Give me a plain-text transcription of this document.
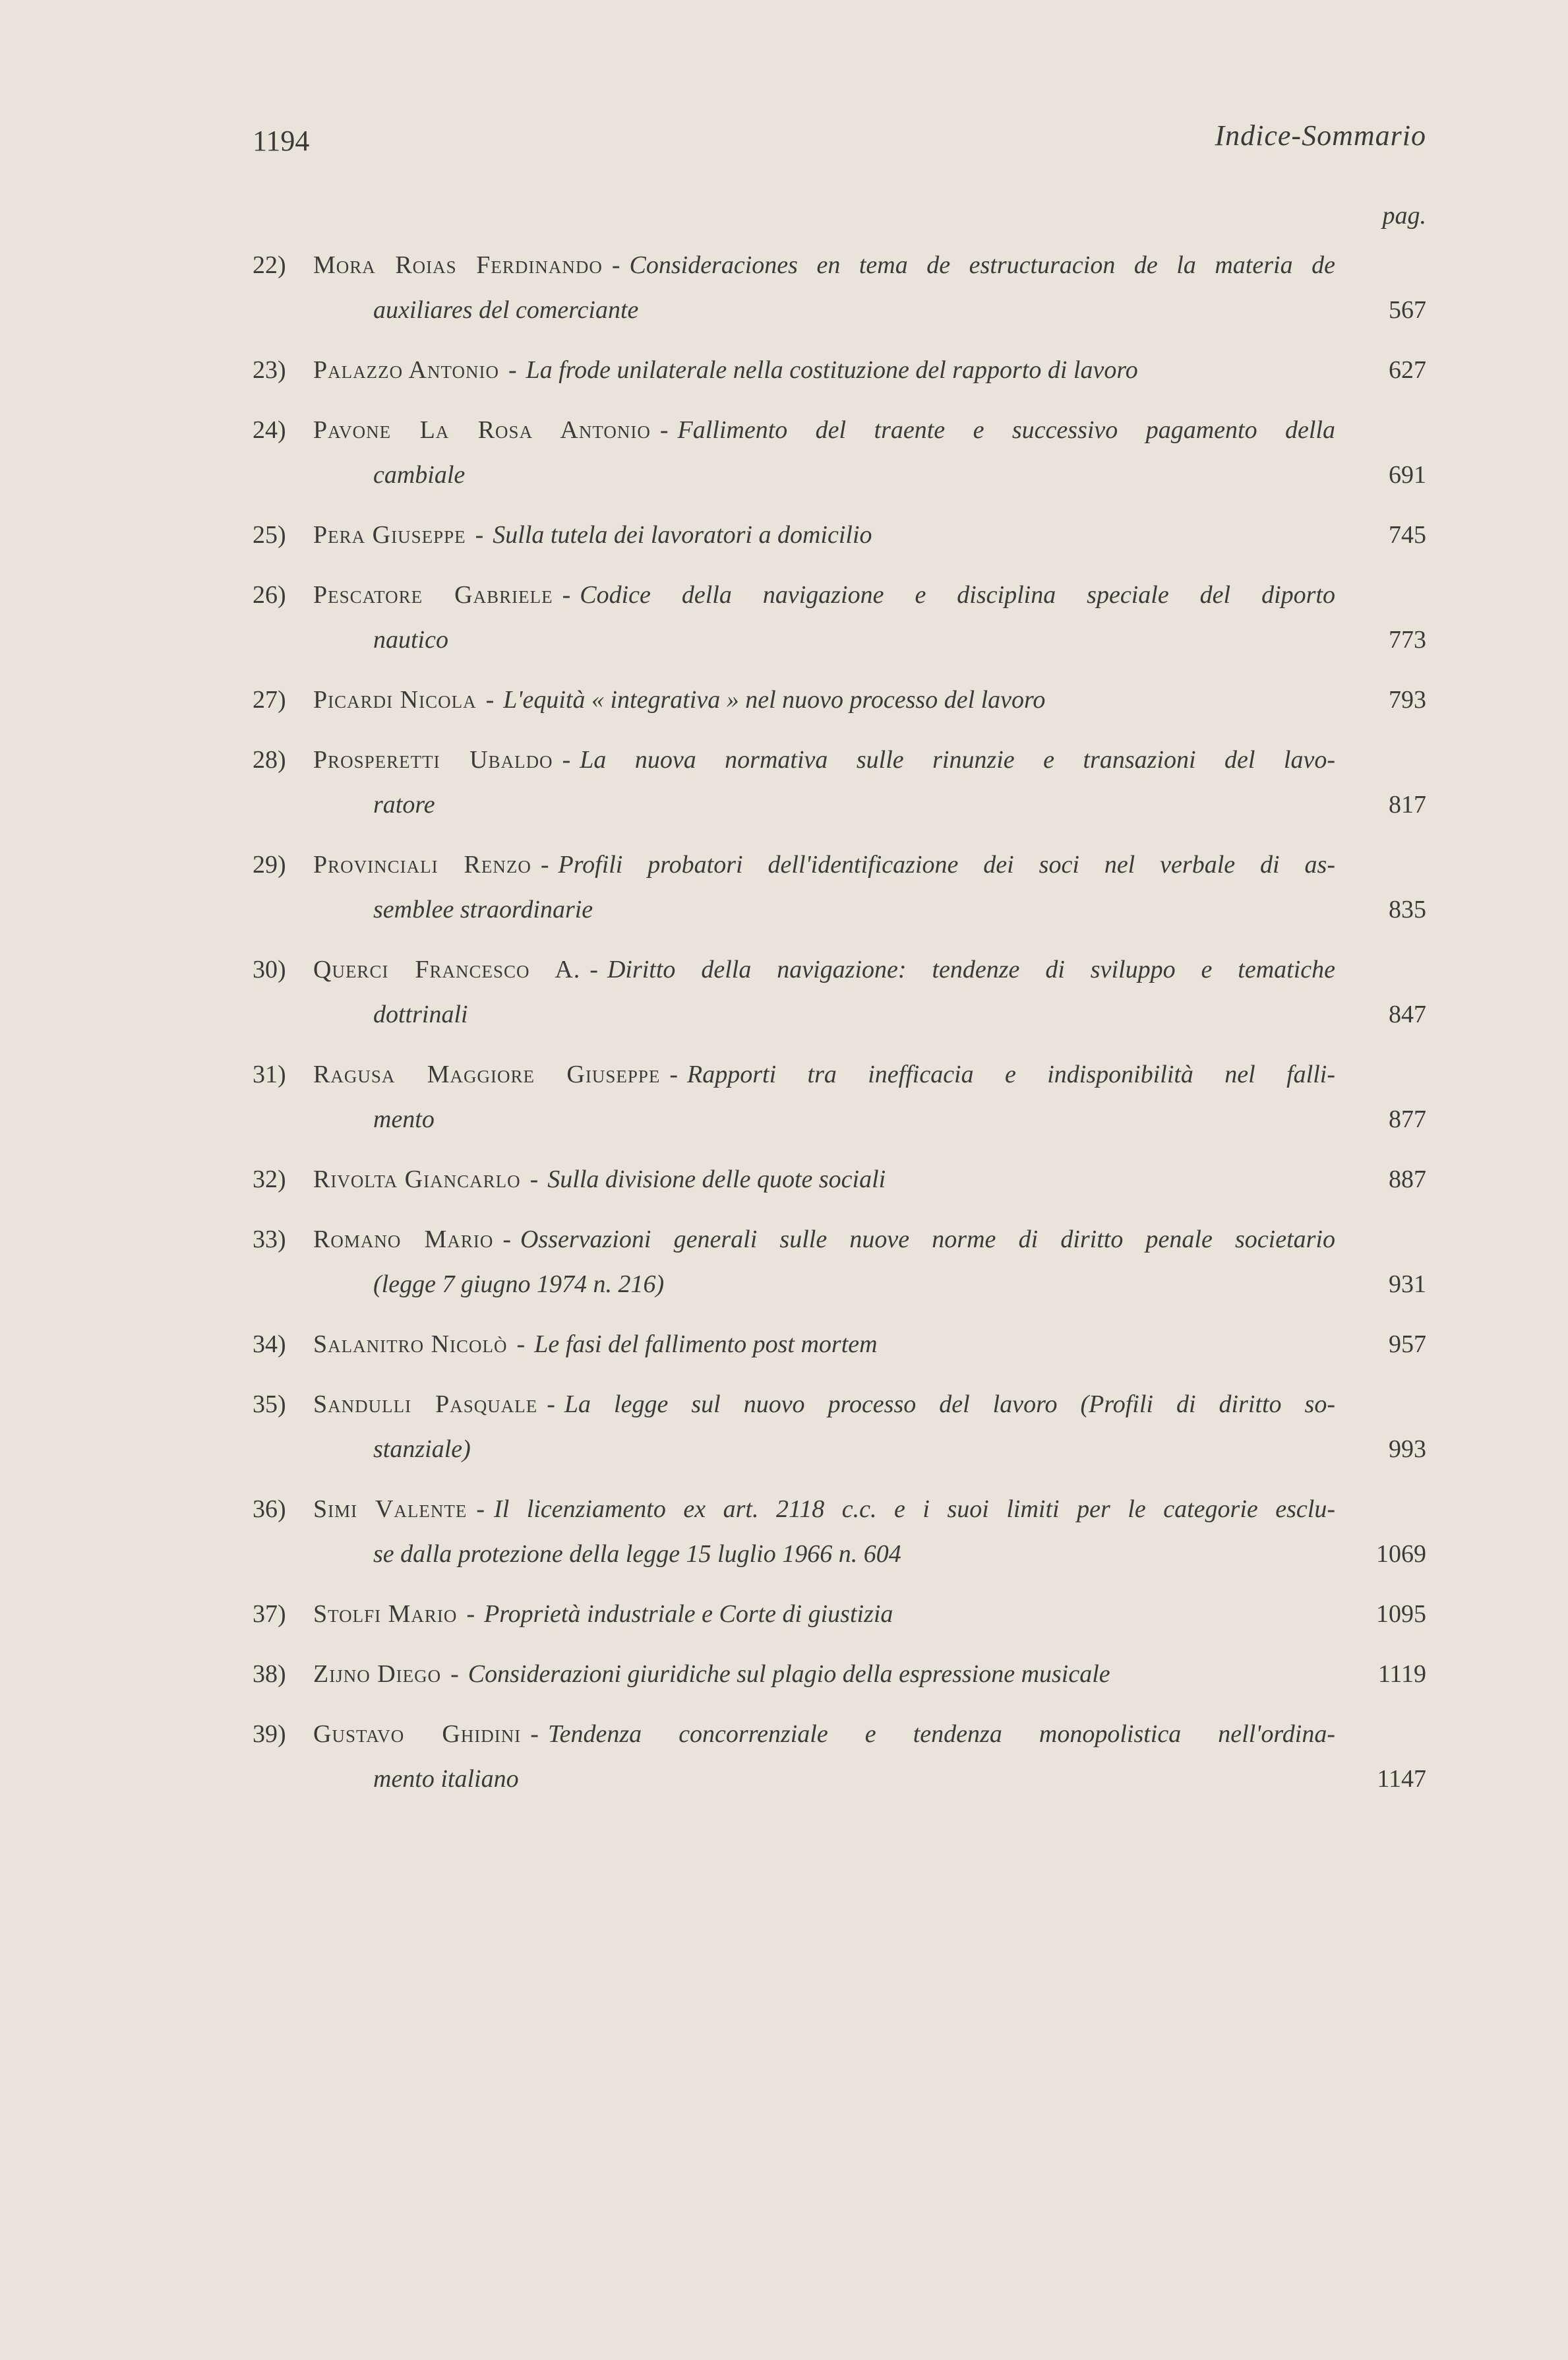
1194	Indice-Sommario
pag.
22)	Mora Roias Ferdinando - Consideraciones en tema de estructuracion de la materia de
auxiliares del comerciante	567
23)	Palazzo Antonio - La frode unilaterale nella costituzione del rapporto di lavoro	627
24)	Pavone La Rosa Antonio - Fallimento del traente e successivo pagamento della
cambiale	691
25)	Pera Giuseppe - Sulla tutela dei lavoratori a domicilio	745
26)	Pescatore Gabriele - Codice della navigazione e disciplina speciale del diporto
nautico	773
27)	Picardi Nicola - L'equità « integrativa » nel nuovo processo del lavoro	793
28)	Prosperetti Ubaldo - La nuova normativa sulle rinunzie e transazioni del lavo-
ratore	817
29)	Provinciali Renzo - Profili probatori dell'identificazione dei soci nel verbale di as-
semblee straordinarie	835
30)	Querci Francesco A. - Diritto della navigazione: tendenze di sviluppo e tematiche
dottrinali	847
31)	Ragusa Maggiore Giuseppe - Rapporti tra inefficacia e indisponibilità nel falli-
mento	877
32)	Rivolta Giancarlo - Sulla divisione delle quote sociali	887
33)	Romano Mario - Osservazioni generali sulle nuove norme di diritto penale societario
(legge 7 giugno 1974 n. 216)	931
34)	Salanitro Nicolò - Le fasi del fallimento post mortem	957
35)	Sandulli Pasquale - La legge sul nuovo processo del lavoro (Profili di diritto so-
stanziale)	993
36)	Simi Valente - Il licenziamento ex art. 2118 c.c. e i suoi limiti per le categorie esclu-
se dalla protezione della legge 15 luglio 1966 n. 604	1069
37)	Stolfi Mario - Proprietà industriale e Corte di giustizia	1095
38)	Zijno Diego - Considerazioni giuridiche sul plagio della espressione musicale	1119
39)	Gustavo Ghidini - Tendenza concorrenziale e tendenza monopolistica nell'ordina-
mento italiano	1147
